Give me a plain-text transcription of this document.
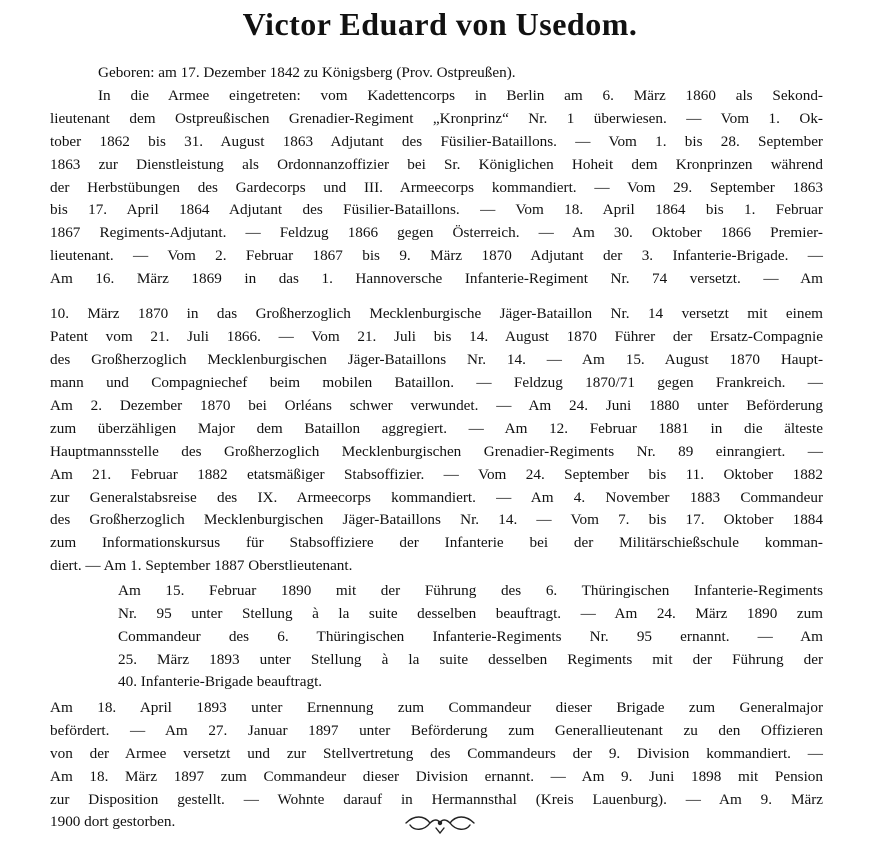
Victor Eduard von Usedom.
Geboren: am 17. Dezember 1842 zu Königsberg (Prov. Ostpreußen).
In die Armee eingetreten: vom Kadettencorps in Berlin am 6. März 1860 als Sekond-
lieutenant dem Ostpreußischen Grenadier-Regiment „Kronprinz“ Nr. 1 überwiesen. — Vom 1. Ok-
tober 1862 bis 31. August 1863 Adjutant des Füsilier-Bataillons. — Vom 1. bis 28. September
1863 zur Dienstleistung als Ordonnanzoffizier bei Sr. Königlichen Hoheit dem Kronprinzen während
der Herbstübungen des Gardecorps und III. Armeecorps kommandiert. — Vom 29. September 1863
bis 17. April 1864 Adjutant des Füsilier-Bataillons. — Vom 18. April 1864 bis 1. Februar
1867 Regiments-Adjutant. — Feldzug 1866 gegen Österreich. — Am 30. Oktober 1866 Premier-
lieutenant. — Vom 2. Februar 1867 bis 9. März 1870 Adjutant der 3. Infanterie-Brigade. —
Am 16. März 1869 in das 1. Hannoversche Infanterie-Regiment Nr. 74 versetzt. — Am
10. März 1870 in das Großherzoglich Mecklenburgische Jäger-Bataillon Nr. 14 versetzt mit einem
Patent vom 21. Juli 1866. — Vom 21. Juli bis 14. August 1870 Führer der Ersatz-Compagnie
des Großherzoglich Mecklenburgischen Jäger-Bataillons Nr. 14. — Am 15. August 1870 Haupt-
mann und Compagniechef beim mobilen Bataillon. — Feldzug 1870/71 gegen Frankreich. —
Am 2. Dezember 1870 bei Orléans schwer verwundet. — Am 24. Juni 1880 unter Beförderung
zum überzähligen Major dem Bataillon aggregiert. — Am 12. Februar 1881 in die älteste
Hauptmannsstelle des Großherzoglich Mecklenburgischen Grenadier-Regiments Nr. 89 einrangiert. —
Am 21. Februar 1882 etatsmäßiger Stabsoffizier. — Vom 24. September bis 11. Oktober 1882
zur Generalstabsreise des IX. Armeecorps kommandiert. — Am 4. November 1883 Commandeur
des Großherzoglich Mecklenburgischen Jäger-Bataillons Nr. 14. — Vom 7. bis 17. Oktober 1884
zum Informationskursus für Stabsoffiziere der Infanterie bei der Militärschießschule komman-
diert. — Am 1. September 1887 Oberstlieutenant.
Am 15. Februar 1890 mit der Führung des 6. Thüringischen Infanterie-Regiments
Nr. 95 unter Stellung à la suite desselben beauftragt. — Am 24. März 1890 zum
Commandeur des 6. Thüringischen Infanterie-Regiments Nr. 95 ernannt. — Am
25. März 1893 unter Stellung à la suite desselben Regiments mit der Führung der
40. Infanterie-Brigade beauftragt.
Am 18. April 1893 unter Ernennung zum Commandeur dieser Brigade zum Generalmajor
befördert. — Am 27. Januar 1897 unter Beförderung zum Generallieutenant zu den Offizieren
von der Armee versetzt und zur Stellvertretung des Commandeurs der 9. Division kommandiert. —
Am 18. März 1897 zum Commandeur dieser Division ernannt. — Am 9. Juni 1898 mit Pension
zur Disposition gestellt. — Wohnte darauf in Hermannsthal (Kreis Lauenburg). — Am 9. März
1900 dort gestorben.
